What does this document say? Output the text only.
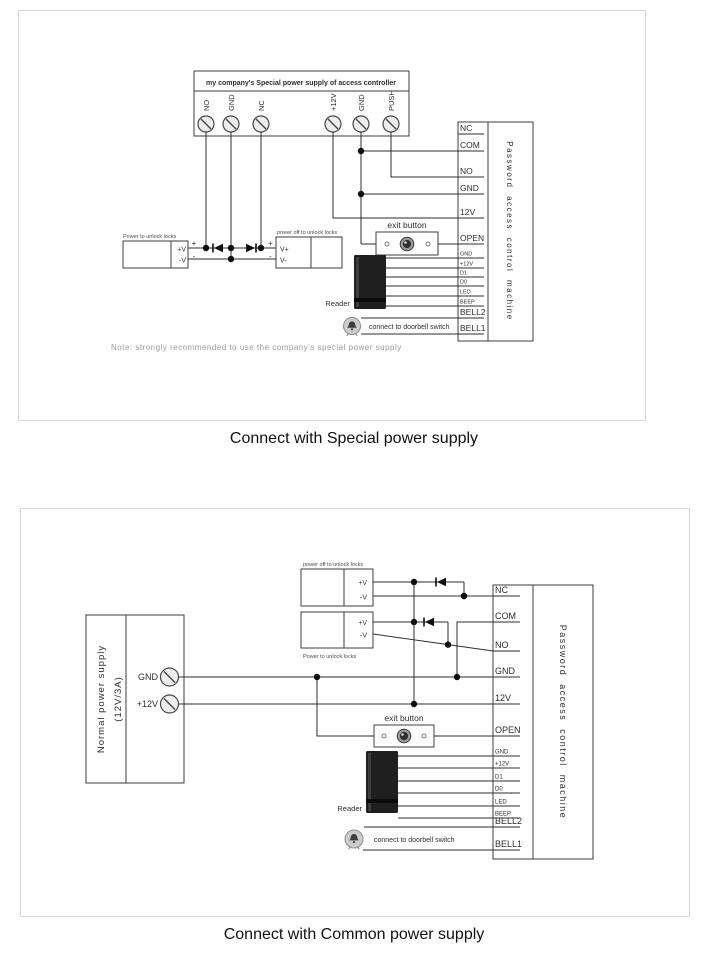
my company's Special power supply of access controller
NO GND	NC	+12V	GND	PUSH
Power to unlock locks
+V
-V
+
-
+
-
power off to unlock locks
V+
V-
exit button
Reader
connect to doorbell switch
Password access control machine
NC
COM
NO
GND
12V
OPEN
GND
+12V
D1
D0
LED
BEEP
BELL2
BELL1
Note: strongly recommended to use the company's special power supply
Connect with Special power supply
Normal power supply (12V/3A) GND
+12V
power off to unlock locks
+V
-V
+V
-V
Power to unlock locks
exit button
Reader
connect to doorbell switch
Password access control machine
NC
COM
NO
GND
12V
OPEN
GND
+12V
D1
D0
LED
BEEP
BELL2
BELL1
Connect with Common power supply
